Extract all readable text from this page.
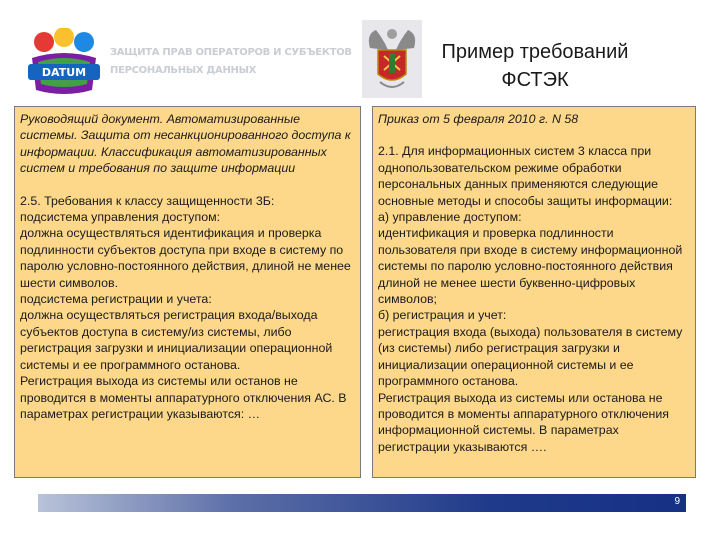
DATUM
ЗАЩИТА ПРАВ ОПЕРАТОРОВ И СУБЪЕКТОВ ПЕРСОНАЛЬНЫХ ДАННЫХ
Пример требований ФСТЭК

Руководящий документ. Автоматизированные системы. Защита от несанкционированного доступа к информации. Классификация автоматизированных систем и требования по защите информации

2.5. Требования к классу защищенности 3Б:
подсистема управления доступом:
должна осуществляться идентификация и проверка подлинности субъектов доступа при входе в систему по паролю условно-постоянного действия, длиной не менее шести символов.
подсистема регистрации и учета:
должна осуществляться регистрация входа/выхода субъектов доступа в систему/из системы, либо регистрация загрузки и инициализации операционной системы и ее программного останова.
Регистрация выхода из системы или останов не проводится в моменты аппаратурного отключения АС. В параметрах регистрации указываются: …

Приказ от 5 февраля 2010 г. N 58

2.1. Для информационных систем 3 класса при однопользовательском режиме обработки персональных данных применяются следующие основные методы и способы защиты информации:
а) управление доступом:
идентификация и проверка подлинности пользователя при входе в систему информационной системы по паролю условно-постоянного действия длиной не менее шести буквенно-цифровых символов;
б) регистрация и учет:
регистрация входа (выхода) пользователя в систему (из системы) либо регистрация загрузки и инициализации операционной системы и ее программного останова.
Регистрация выхода из системы или останова не проводится в моменты аппаратурного отключения информационной системы. В параметрах регистрации указываются ….

9
